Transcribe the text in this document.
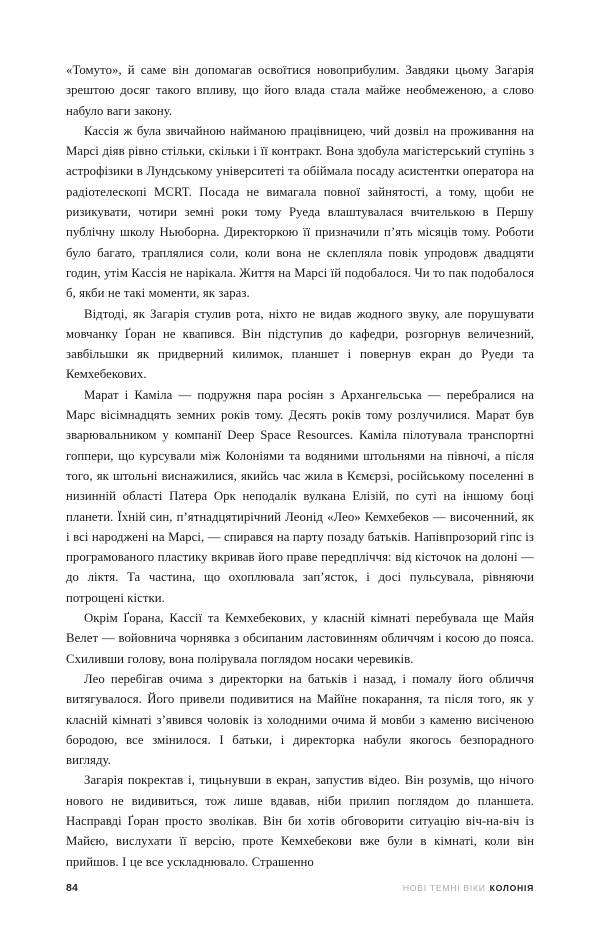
«Томуто», й саме він допомагав освоїтися новоприбулим. Завдяки цьому Загарія зрештою досяг такого впливу, що його влада стала майже необмеженою, а слово набуло ваги закону.

Кассія ж була звичайною найманою працівницею, чий дозвіл на проживання на Марсі діяв рівно стільки, скільки і її контракт. Вона здобула магістерський ступінь з астрофізики в Лундському університеті та обіймала посаду асистентки оператора на радіотелескопі MCRT. Посада не вимагала повної зайнятості, а тому, щоби не ризикувати, чотири земні роки тому Руеда влаштувалася вчителькою в Першу публічну школу Ньюборна. Директоркою її призначили п’ять місяців тому. Роботи було багато, траплялися соли, коли вона не склепляла повік упродовж двадцяти годин, утім Кассія не нарікала. Життя на Марсі їй подобалося. Чи то пак подобалося б, якби не такі моменти, як зараз.

Відтоді, як Загарія стулив рота, ніхто не видав жодного звуку, але порушувати мовчанку Ґоран не квапився. Він підступив до кафедри, розгорнув величезний, завбільшки як придверний килимок, планшет і повернув екран до Руеди та Кемхебекових.

Марат і Каміла — подружня пара росіян з Архангельська — перебралися на Марс вісімнадцять земних років тому. Десять років тому розлучилися. Марат був зварювальником у компанії Deep Space Resources. Каміла пілотувала транспортні гоппери, що курсували між Колоніями та водяними штольнями на півночі, а після того, як штольні виснажилися, якийсь час жила в Кємєрзі, російському поселенні в низинній області Патера Орк неподалік вулкана Елізій, по суті на іншому боці планети. Їхній син, п’ятнадцятирічний Леонід «Лео» Кемхебеков — височенний, як і всі народжені на Марсі, — спирався на парту позаду батьків. Напівпрозорий гіпс із програмованого пластику вкривав його праве передпліччя: від кісточок на долоні — до ліктя. Та частина, що охоплювала зап’ясток, і досі пульсувала, рівняючи потрощені кістки.

Окрім Ґорана, Кассії та Кемхебекових, у класній кімнаті перебувала ще Майя Велет — войовнича чорнявка з обсипаним ластовинням обличчям і косою до пояса. Схиливши голову, вона полірувала поглядом носаки черевиків.

Лео перебігав очима з директорки на батьків і назад, і помалу його обличчя витягувалося. Його привели подивитися на Майїне покарання, та після того, як у класній кімнаті з’явився чоловік із холодними очима й мовби з каменю висіченою бородою, все змінилося. І батьки, і директорка набули якогось безпорадного вигляду.

Загарія покректав і, тицьнувши в екран, запустив відео. Він розумів, що нічого нового не видивиться, тож лише вдавав, ніби прилип поглядом до планшета. Насправді Ґоран просто зволікав. Він би хотів обговорити ситуацію віч-на-віч із Майєю, вислухати її версію, проте Кемхебекови вже були в кімнаті, коли він прийшов. І це все ускладнювало. Страшенно

84	НОВІ ТЕМНІ ВІКИ КОЛОНІЯ
